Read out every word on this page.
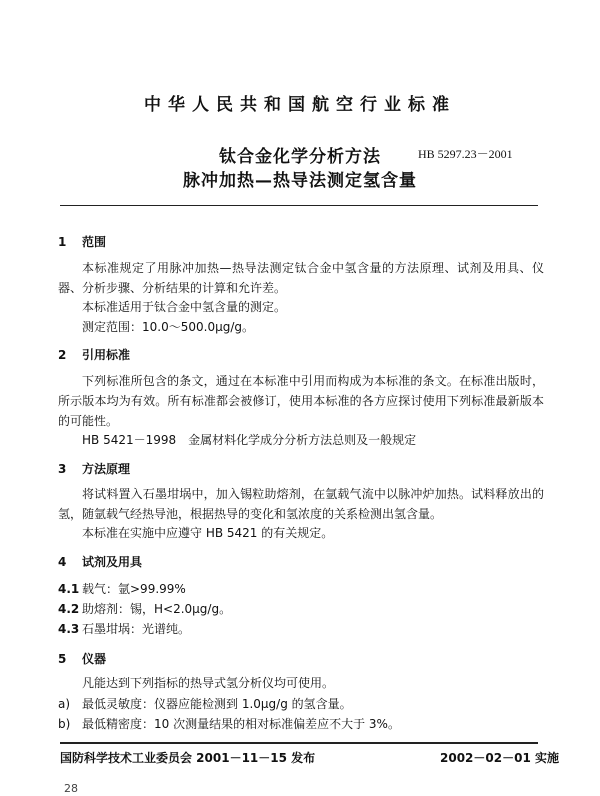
中华人民共和国航空行业标准
钛合金化学分析方法
脉冲加热—热导法测定氢含量
HB 5297.23－2001
1 范围
本标准规定了用脉冲加热—热导法测定钛合金中氢含量的方法原理、试剂及用具、仪器、分析步骤、分析结果的计算和允许差。
本标准适用于钛合金中氢含量的测定。
测定范围：10.0～500.0μg/g。
2 引用标准
下列标准所包含的条文，通过在本标准中引用而构成为本标准的条文。在标准出版时，所示版本均为有效。所有标准都会被修订，使用本标准的各方应探讨使用下列标准最新版本的可能性。
HB 5421－1998　金属材料化学成分分析方法总则及一般规定
3 方法原理
将试料置入石墨坩埚中，加入锡粒助熔剂，在氩载气流中以脉冲炉加热。试料释放出的氢，随氩载气经热导池，根据热导的变化和氢浓度的关系检测出氢含量。
本标准在实施中应遵守 HB 5421 的有关规定。
4 试剂及用具
4.1 载气：氩>99.99%
4.2 助熔剂：锡，H<2.0μg/g。
4.3 石墨坩埚：光谱纯。
5 仪器
凡能达到下列指标的热导式氢分析仪均可使用。
a) 最低灵敏度：仪器应能检测到 1.0μg/g 的氢含量。
b) 最低精密度：10 次测量结果的相对标准偏差应不大于 3%。
国防科学技术工业委员会 2001－11－15 发布	2002－02－01 实施
28
